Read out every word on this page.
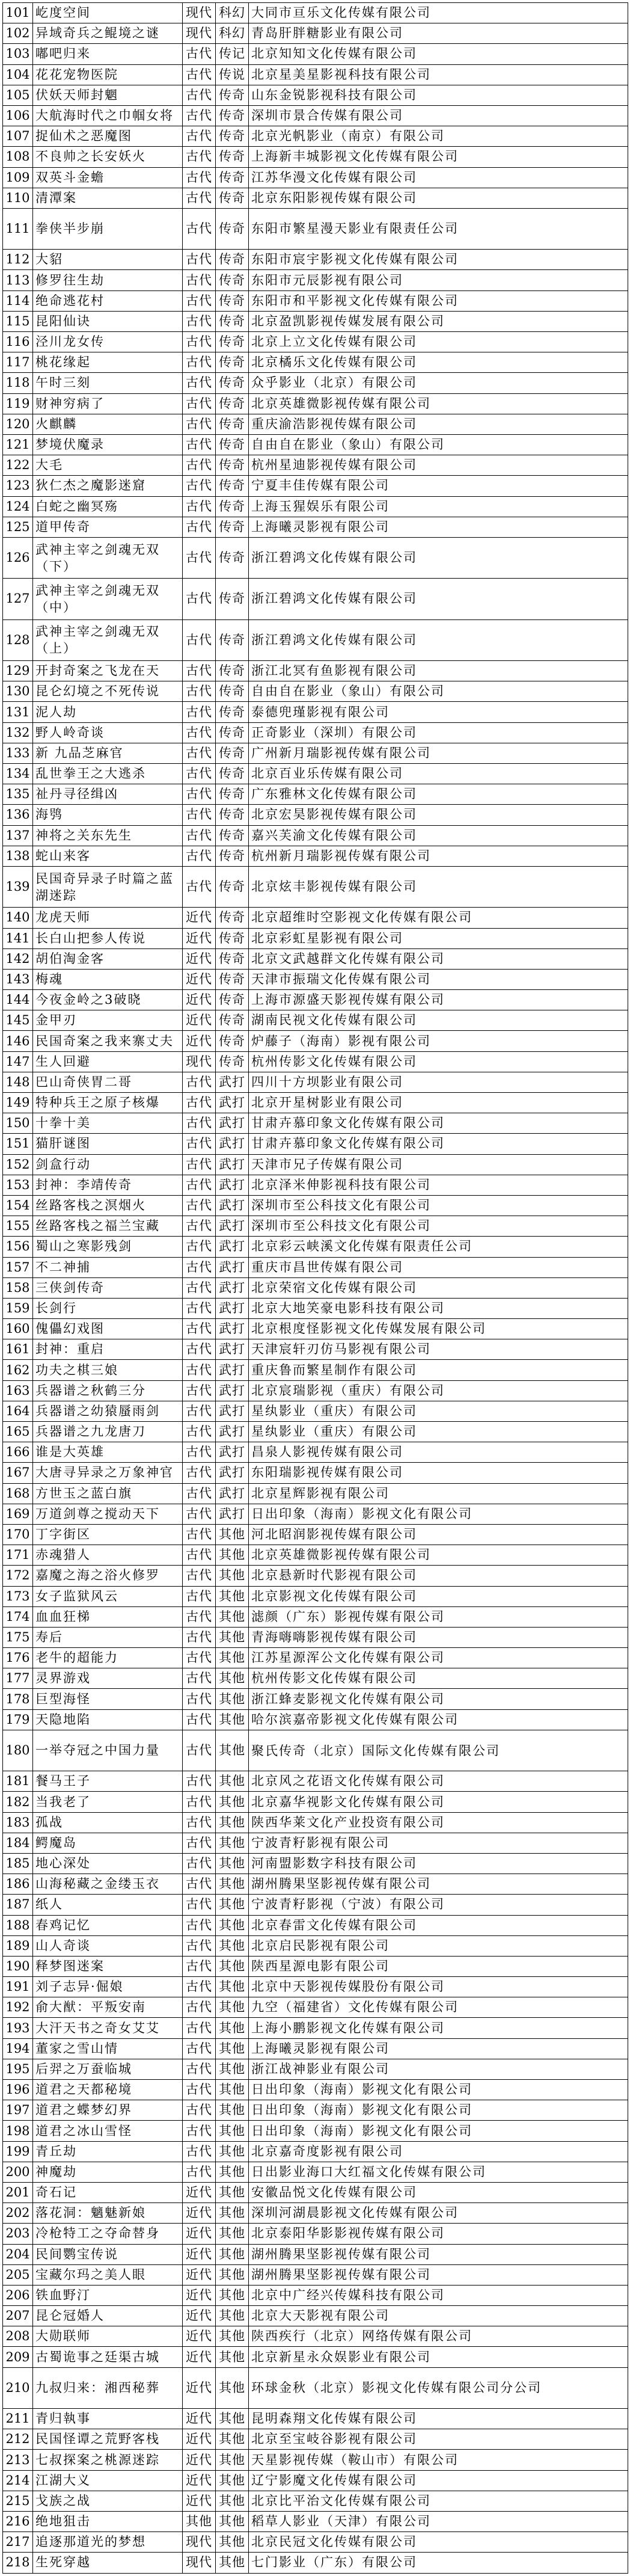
101	屹度空间	现代	科幻	大同市亘乐文化传媒有限公司
102	异域奇兵之鲲境之谜	现代	科幻	青岛肝胖糖影业有限公司
103	嘟吧归来	古代	传记	北京知知文化传媒有限公司
104	花花宠物医院	古代	传说	北京星美星影视科技有限公司
105	伏妖天师封魍	古代	传奇	山东金锐影视科技有限公司
106	大航海时代之巾帼女将	古代	传奇	深圳市景合传媒有限公司
107	捉仙术之恶魔图	古代	传奇	北京光帆影业（南京）有限公司
108	不良帅之长安妖火	古代	传奇	上海新丰城影视文化传媒有限公司
109	双英斗金蟾	古代	传奇	江苏华漫文化传媒有限公司
110	清潭案	古代	传奇	北京东阳影视传媒有限公司
111	拳侠半步崩	古代	传奇	东阳市繁星漫天影业有限责任公司
112	大貂	古代	传奇	东阳市宸宇影视文化传媒有限公司
113	修罗往生劫	古代	传奇	东阳市元辰影视有限公司
114	绝命逃花村	古代	传奇	东阳市和平影视文化传媒有限公司
115	昆阳仙诀	古代	传奇	北京盈凯影视传媒发展有限公司
116	泾川龙女传	古代	传奇	北京上立文化传媒有限公司
117	桃花缘起	古代	传奇	北京橘乐文化传媒有限公司
118	午时三刻	古代	传奇	众乎影业（北京）有限公司
119	财神穷病了	古代	传奇	北京英雄微影视传媒有限公司
120	火麒麟	古代	传奇	重庆渝浩影视传媒有限公司
121	梦境伏魔录	古代	传奇	自由自在影业（象山）有限公司
122	大毛	古代	传奇	杭州星迪影视传媒有限公司
123	狄仁杰之魔影迷窟	古代	传奇	宁夏丰佳传媒有限公司
124	白蛇之幽冥殇	古代	传奇	上海玉猩娱乐有限公司
125	道甲传奇	古代	传奇	上海曦灵影视有限公司
126	武神主宰之剑魂无双（下）	古代	传奇	浙江碧鸿文化传媒有限公司
127	武神主宰之剑魂无双（中）	古代	传奇	浙江碧鸿文化传媒有限公司
128	武神主宰之剑魂无双（上）	古代	传奇	浙江碧鸿文化传媒有限公司
129	开封奇案之飞龙在天	古代	传奇	浙江北冥有鱼影视有限公司
130	昆仑幻境之不死传说	古代	传奇	自由自在影业（象山）有限公司
131	泥人劫	古代	传奇	泰德兜瑾影视有限公司
132	野人岭奇谈	古代	传奇	正奇影业（深圳）有限公司
133	新 九品芝麻官	古代	传奇	广州新月瑞影视传媒有限公司
134	乱世拳王之大逃杀	古代	传奇	北京百业乐传媒有限公司
135	祉丹寻径缉凶	古代	传奇	广东雅林文化传媒有限公司
136	海鸮	古代	传奇	北京宏昊影视传媒有限公司
137	神将之关东先生	古代	传奇	嘉兴芙渝文化传媒有限公司
138	蛇山来客	古代	传奇	杭州新月瑞影视传媒有限公司
139	民国奇异录子时篇之蓝湖迷踪	古代	传奇	北京炫丰影视传媒有限公司
140	龙虎天师	近代	传奇	北京超维时空影视文化传媒有限公司
141	长白山把参人传说	近代	传奇	北京彩虹星影视有限公司
142	胡伯淘金客	近代	传奇	北京文武越群文化传媒有限公司
143	梅魂	近代	传奇	天津市振瑞文化传媒有限公司
144	今夜金岭之3破晓	近代	传奇	上海市源盛天影视传媒有限公司
145	金甲刃	近代	传奇	湖南民视文化传媒有限公司
146	民国奇案之我来寨丈夫	近代	传奇	炉藤子（海南）影视有限公司
147	生人回避	现代	传奇	杭州传影文化传媒有限公司
148	巴山奇侠胃二哥	古代	武打	四川十方坝影业有限公司
149	特种兵王之原子核爆	古代	武打	北京开星树影业有限公司
150	十拳十美	古代	武打	甘肃卉慕印象文化传媒有限公司
151	猫肝谜图	古代	武打	甘肃卉慕印象文化传媒有限公司
152	剑盒行动	古代	武打	天津市兄子传媒有限公司
153	封神：李靖传奇	古代	武打	北京泽米伸影视科技有限公司
154	丝路客栈之溟烟火	古代	武打	深圳市至公科技文化有限公司
155	丝路客栈之福兰宝藏	古代	武打	深圳市至公科技文化有限公司
156	蜀山之寒影残剑	古代	武打	北京彩云峡溪文化传媒有限责任公司
157	不二神捕	古代	武打	重庆市昌世传媒有限公司
158	三侠剑传奇	古代	武打	北京荣宿文化传媒有限公司
159	长剑行	古代	武打	北京大地笑豪电影科技有限公司
160	傀儡幻戏图	古代	武打	北京根度怪影视文化传媒发展有限公司
161	封神：重启	古代	武打	天津宸轩刃仿马影视有限公司
162	功夫之棋三娘	古代	武打	重庆鲁而繁星制作有限公司
163	兵器谱之秋鹤三分	古代	武打	北京宸瑞影视（重庆）有限公司
164	兵器谱之幼猿蜃雨剑	古代	武打	星纨影业（重庆）有限公司
165	兵器谱之九龙唐刀	古代	武打	星纨影业（重庆）有限公司
166	谁是大英雄	古代	武打	昌泉人影视传媒有限公司
167	大唐寻异录之万象神官	古代	武打	东阳瑞影视传媒有限公司
168	方世玉之蓝白旗	古代	武打	北京星辉影视有限公司
169	万道剑尊之搅动天下	古代	武打	日出印象（海南）影视文化有限公司
170	丁字街区	古代	其他	河北昭润影视传媒有限公司
171	赤魂猎人	古代	其他	北京英雄微影视传媒有限公司
172	嘉魔之海之浴火修罗	古代	其他	北京悬新时代影视有限公司
173	女子监狱风云	古代	其他	北京影视文化传媒有限公司
174	血血狂梯	古代	其他	滤颜（广东）影视传媒有限公司
175	寿后	古代	其他	青海嗨嗨影视传媒有限公司
176	老牛的超能力	古代	其他	江苏星源浑公文化传媒有限公司
177	灵界游戏	古代	其他	杭州传影文化传媒有限公司
178	巨型海怪	古代	其他	浙江蜂麦影视文化传媒有限公司
179	天隐地陷	古代	其他	哈尔滨嘉帝影视文化传媒有限公司
180	一举夺冠之中国力量	古代	其他	聚氏传奇（北京）国际文化传媒有限公司
181	餐马王子	古代	其他	北京风之花语文化传媒有限公司
182	当我老了	古代	其他	北京嘉华视影文化传媒有限公司
183	孤战	古代	其他	陕西华莱文化产业投资有限公司
184	鳄魔岛	古代	其他	宁波青籽影视有限公司
185	地心深处	古代	其他	河南盟影数字科技有限公司
186	山海秘藏之金缕玉衣	古代	其他	湖州腾果坚影视传媒有限公司
187	纸人	古代	其他	宁波青籽影视（宁波）有限公司
188	春鸡记忆	古代	其他	北京春雷文化传媒有限公司
189	山人奇谈	古代	其他	北京启民影视有限公司
190	释梦图迷案	古代	其他	陕西星源电影有限公司
191	刘子志异·倔娘	古代	其他	北京中天影视传媒股份有限公司
192	俞大猷：平叛安南	古代	其他	九空（福建省）文化传媒有限公司
193	大汗天书之奇女艾艾	古代	其他	上海小鹏影视文化传媒有限公司
194	董家之雪山情	古代	其他	上海曦灵影视有限公司
195	后羿之万蚕临城	古代	其他	浙江战神影业有限公司
196	道君之天都秘境	古代	其他	日出印象（海南）影视文化有限公司
197	道君之蝶梦幻界	古代	其他	日出印象（海南）影视文化有限公司
198	道君之冰山雪怪	古代	其他	日出印象（海南）影视文化有限公司
199	青丘劫	古代	其他	北京嘉奇度影视有限公司
200	神魔劫	古代	其他	日出影业海口大红福文化传媒有限公司
201	奇石记	近代	其他	安徽品悦文化传媒有限公司
202	落花洞：魑魅新娘	近代	其他	深圳河湖晨影视文化传媒有限公司
203	冷枪特工之夺命替身	近代	其他	北京泰阳华影影视传媒有限公司
204	民间鹦宝传说	近代	其他	湖州腾果坚影视传媒有限公司
205	宝藏尔玛之美人眼	近代	其他	湖州腾果坚影视传媒有限公司
206	铁血野汀	近代	其他	北京中广经兴传媒科技有限公司
207	昆仑冠婚人	近代	其他	北京大天影视有限公司
208	大勋联师	近代	其他	陕西疾行（北京）网络传媒有限公司
209	古蜀诡事之廷渠古城	近代	其他	北京新星永众娱影业有限公司
210	九叔归来：湘西秘葬	近代	其他	环球金秋（北京）影视文化传媒有限公司分公司
211	青归執事	近代	其他	昆明森翔文化传媒有限公司
212	民国怪谭之荒野客栈	近代	其他	北京至宝岐谷影视有限公司
213	七叔探案之桃源迷踪	近代	其他	天星影视传媒（鞍山市）有限公司
214	江湖大义	近代	其他	辽宁影魔文化传媒有限公司
215	戈族之战	近代	其他	北京比平治文化传媒有限公司
216	绝地狙击	其他	其他	稻草人影业（天津）有限公司
217	追逐那道光的梦想	现代	其他	北京民冠文化传媒有限公司
218	生死穿越	现代	其他	七门影业（广东）有限公司
